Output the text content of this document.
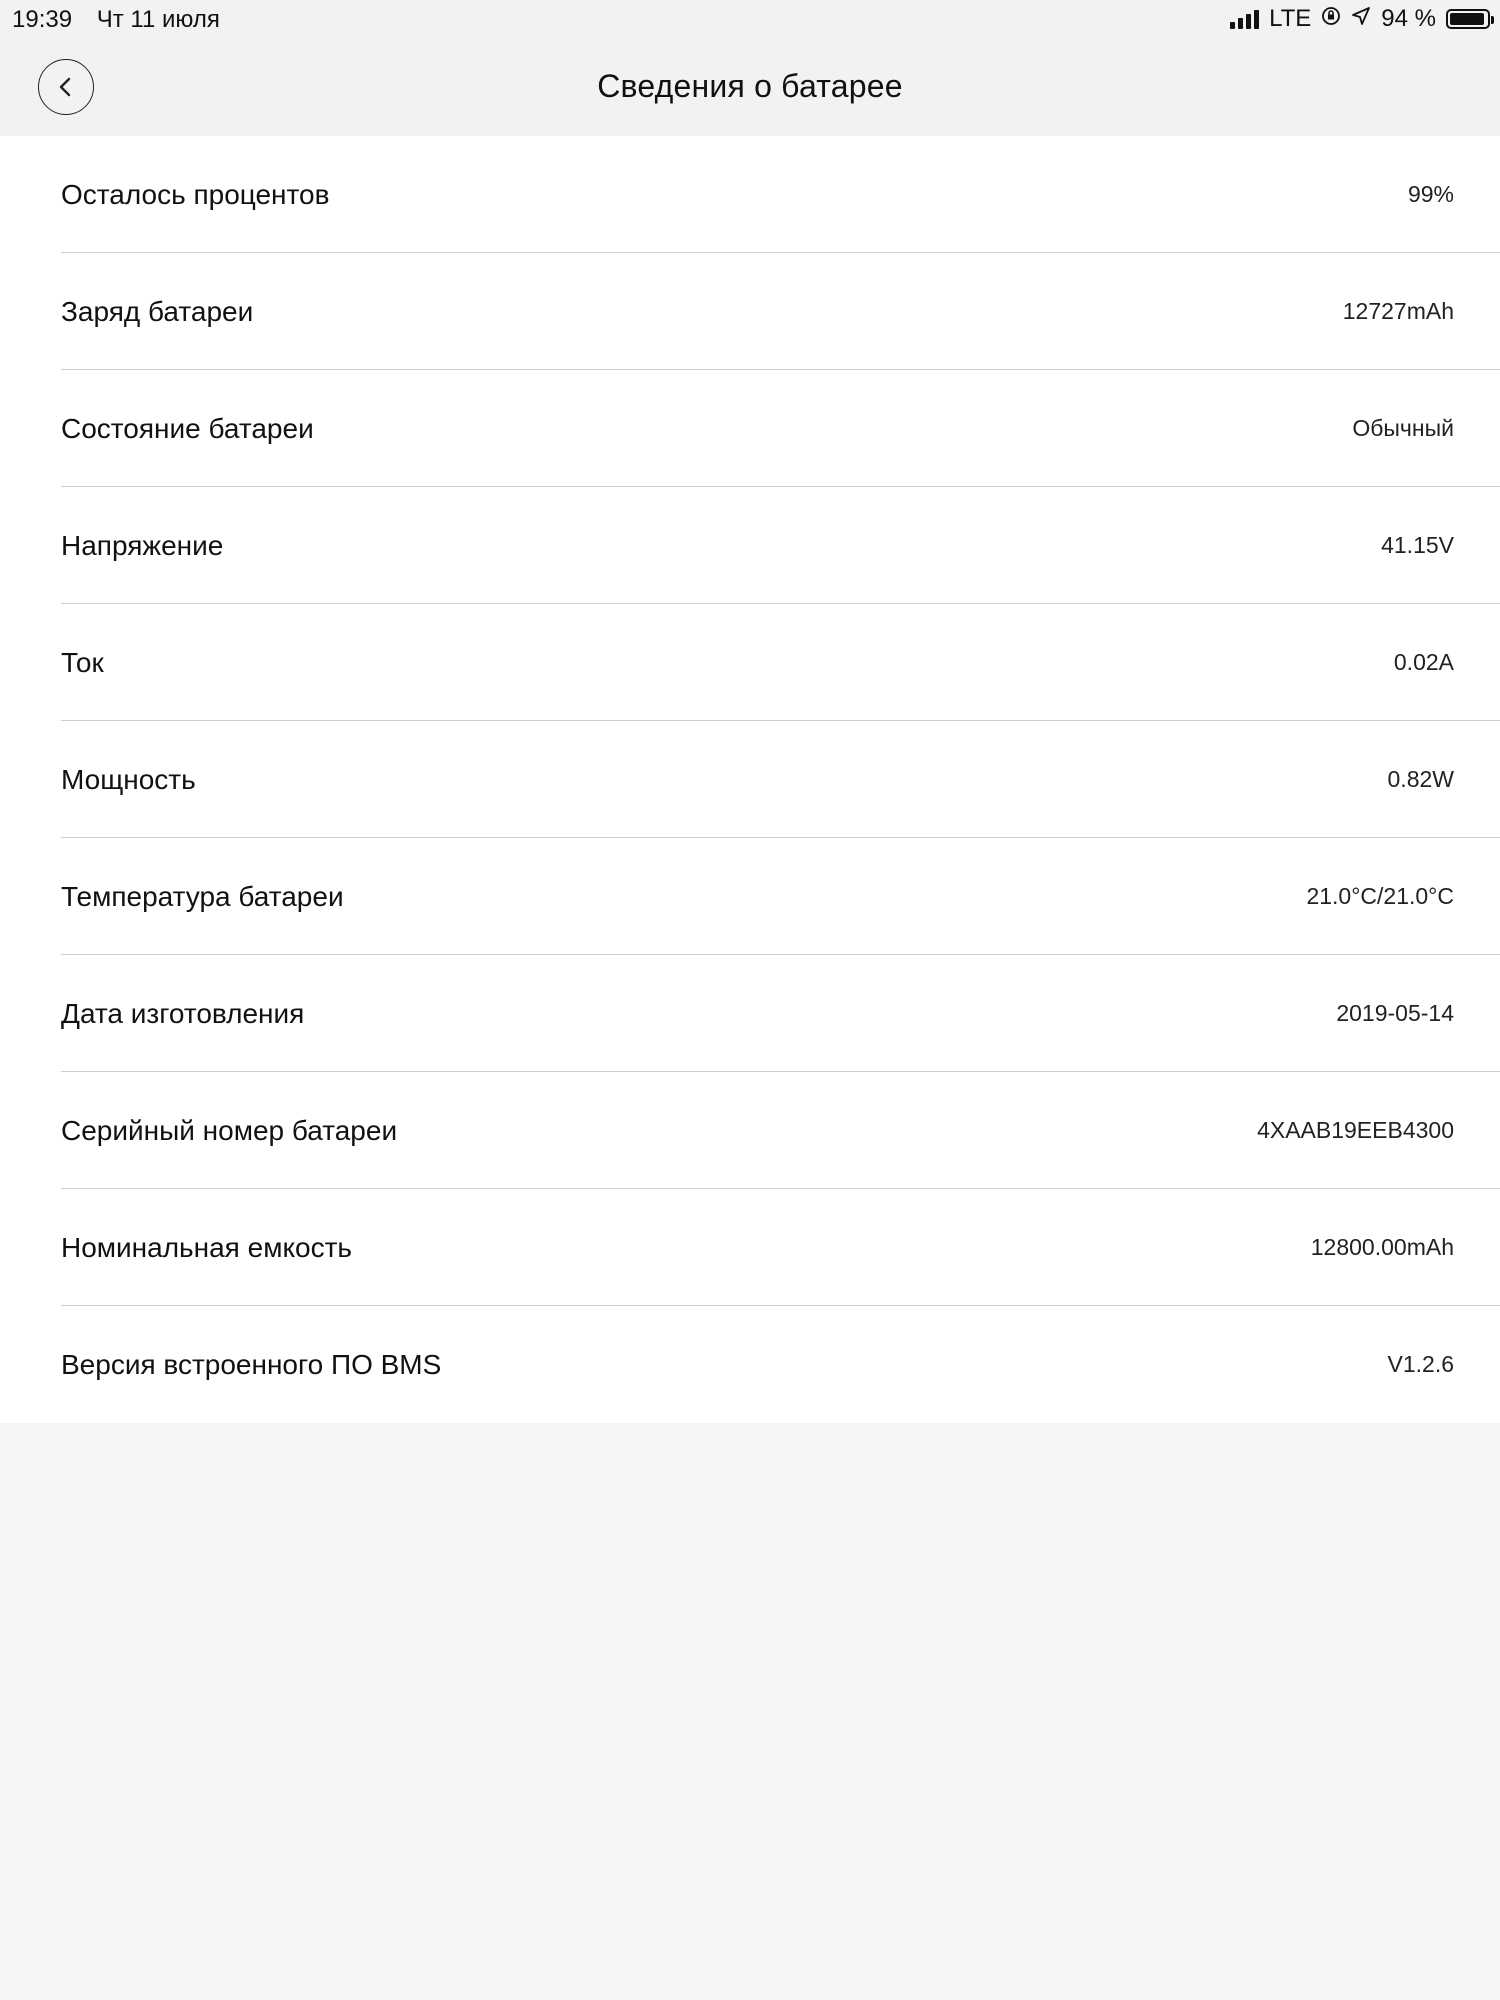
19:39 Чт 11 июля	LTE	94 %
Сведения о батарее
Осталось процентов	99%
Заряд батареи	12727mAh
Состояние батареи	Обычный
Напряжение	41.15V
Ток	0.02A
Мощность	0.82W
Температура батареи	21.0°C/21.0°C
Дата изготовления	2019-05-14
Серийный номер батареи	4XAAB19EEB4300
Номинальная емкость	12800.00mAh
Версия встроенного ПО BMS	V1.2.6
